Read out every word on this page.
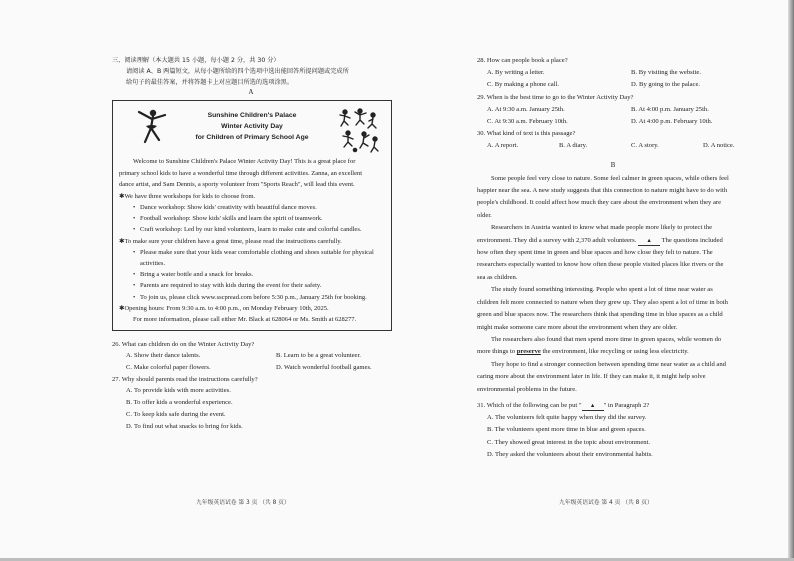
三、阅读理解（本大题共 15 小题，每小题 2 分，共 30 分）
请阅读 A、B 两篇短文，从每小题所给的四个选项中选出能回答所提问题或完成所
给句子的最佳答案，并将答题卡上对应题目所选的选项涂黑。
A
Sunshine Children's Palace
Winter Activity Day
for Children of Primary School Age

Welcome to Sunshine Children's Palace Winter Activity Day! This is a great place for

primary school kids to have a wonderful time through different activities. Zanna, an excellent

dance artist, and Sam Dennis, a sporty volunteer from "Sports Reach", will lead this event.

✱We have three workshops for kids to choose from.
• Dance workshop: Show kids' creativity with beautiful dance moves.
• Football workshop: Show kids' skills and learn the spirit of teamwork.
• Craft workshop: Led by our kind volunteers, learn to make cute and colorful candles.
✱To make sure your children have a great time, please read the instructions carefully.
• Please make sure that your kids wear comfortable clothing and shoes suitable for physical
activities.
• Bring a water bottle and a snack for breaks.
• Parents are required to stay with kids during the event for their safety.
• To join us, please click www.sscpread.com before 5:30 p.m., January 25th for booking.
✱Opening hours: From 9:30 a.m. to 4:00 p.m., on Monday February 10th, 2025.

For more information, please call either Mr. Black at 628064 or Ms. Smith at 628277.

26. What can children do on the Winter Activity Day?
A. Show their dance talents.	B. Learn to be a great volunteer.
C. Make colorful paper flowers.	D. Watch wonderful football games.
27. Why should parents read the instructions carefully?
A. To provide kids with more activities.
B. To offer kids a wonderful experience.
C. To keep kids safe during the event.
D. To find out what snacks to bring for kids.
28. How can people book a place?
A. By writing a letter.	B. By visiting the website.
C. By making a phone call.	D. By going to the palace.
29. When is the best time to go to the Winter Activity Day?
A. At 9:30 a.m. January 25th.	B. At 4:00 p.m. January 25th.
C. At 9:30 a.m. February 10th.	D. At 4:00 p.m. February 10th.
30. What kind of text is this passage?
A. A report.	B. A diary.	C. A story.	D. A notice.
B

Some people feel very close to nature. Some feel calmer in green spaces, while others feel

happier near the sea. A new study suggests that this connection to nature might have to do with

people's childhood. It could affect how much they care about the environment when they are

older.

Researchers in Austria wanted to know what made people more likely to protect the

environment. They did a survey with 2,370 adult volunteers. ▲ The questions included

how often they spent time in green and blue spaces and how close they felt to nature. The

researchers especially wanted to know how often these people visited places like rivers or the

sea as children.

The study found something interesting. People who spent a lot of time near water as

children felt more connected to nature when they grew up. They also spent a lot of time in both

green and blue spaces now. The researchers think that spending time in blue spaces as a child

might make someone care more about the environment when they are older.

The researchers also found that men spend more time in green spaces, while women do

more things to preserve the environment, like recycling or using less electricity.

They hope to find a stronger connection between spending time near water as a child and

caring more about the environment later in life. If they can make it, it might help solve

environmental problems in the future.

31. Which of the following can be put " ▲ " in Paragraph 2?
A. The volunteers felt quite happy when they did the survey.
B. The volunteers spent more time in blue and green spaces.
C. They showed great interest in the topic about environment.
D. They asked the volunteers about their environmental habits.
九年级英语试卷 第 3 页 （共 8 页）	九年级英语试卷 第 4 页 （共 8 页）
